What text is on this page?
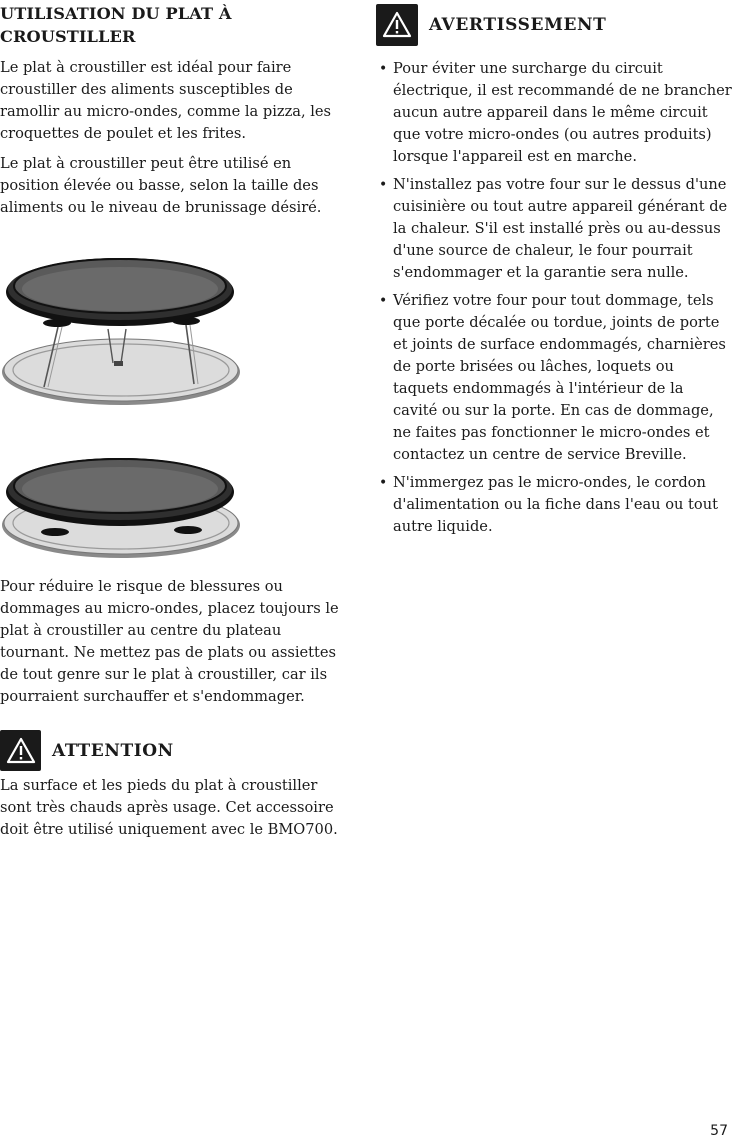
UTILISATION DU PLAT À CROUSTILLER

Le plat à croustiller est idéal pour faire croustiller des aliments susceptibles de ramollir au micro-ondes, comme la pizza, les croquettes de poulet et les frites.

Le plat à croustiller peut être utilisé en position élevée ou basse, selon la taille des aliments ou le niveau de brunissage désiré.

Pour réduire le risque de blessures ou dommages au micro-ondes, placez toujours le plat à croustiller au centre du plateau tournant. Ne mettez pas de plats ou assiettes de tout genre sur le plat à croustiller, car ils pourraient surchauffer et s'endommager.

ATTENTION

La surface et les pieds du plat à croustiller sont très chauds après usage. Cet accessoire doit être utilisé uniquement avec le BMO700.

AVERTISSEMENT
• Pour éviter une surcharge du circuit électrique, il est recommandé de ne brancher aucun autre appareil dans le même circuit que votre micro-ondes (ou autres produits) lorsque l'appareil est en marche.
• N'installez pas votre four sur le dessus d'une cuisinière ou tout autre appareil générant de la chaleur. S'il est installé près ou au-dessus d'une source de chaleur, le four pourrait s'endommager et la garantie sera nulle.
• Vérifiez votre four pour tout dommage, tels que porte décalée ou tordue, joints de porte et joints de surface endommagés, charnières de porte brisées ou lâches, loquets ou taquets endommagés à l'intérieur de la cavité ou sur la porte. En cas de dommage, ne faites pas fonctionner le micro-ondes et contactez un centre de service Breville.
• N'immergez pas le micro-ondes, le cordon d'alimentation ou la fiche dans l'eau ou tout autre liquide.
57
